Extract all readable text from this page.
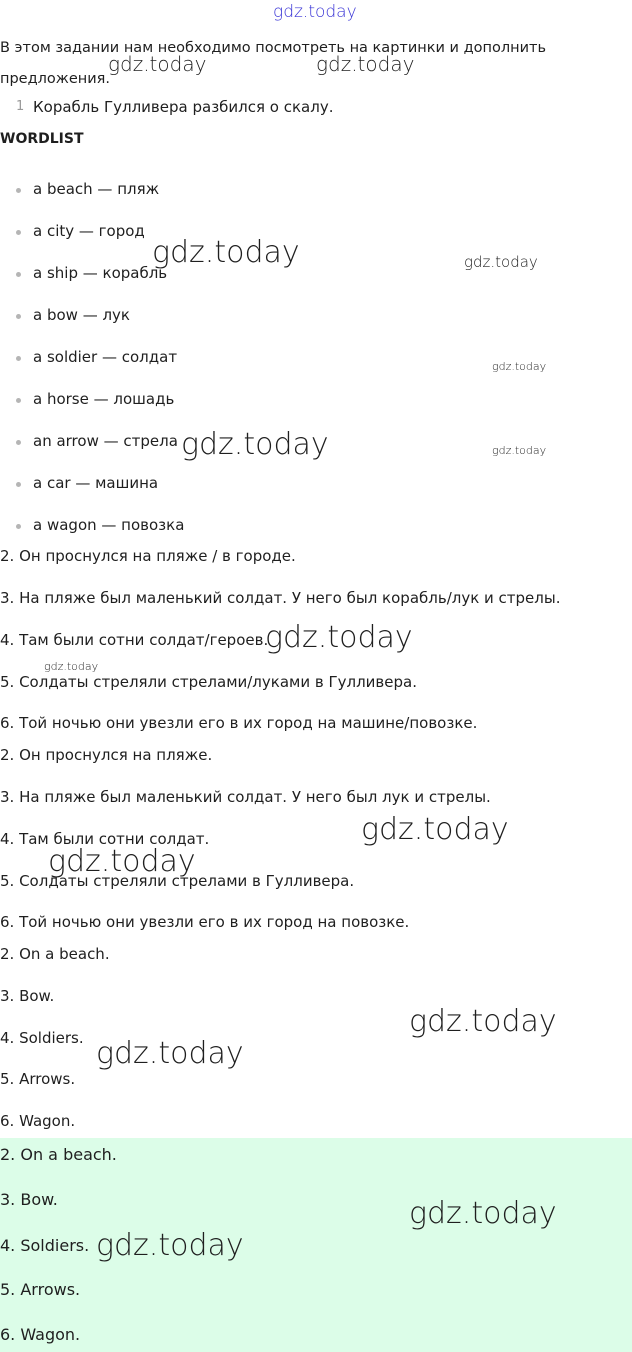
gdz.today
В этом задании нам необходимо посмотреть на картинки и дополнить предложения.
1 Корабль Гулливера разбился о скалу.
WORDLIST
a beach — пляж
a city — город
a ship — корабль
a bow — лук
a soldier — солдат
a horse — лошадь
an arrow — стрела
a car — машина
a wagon — повозка
2. Он проснулся на пляже / в городе.
3. На пляже был маленький солдат. У него был корабль/лук и стрелы.
4. Там были сотни солдат/героев.
5. Солдаты стреляли стрелами/луками в Гулливера.
6. Той ночью они увезли его в их город на машине/повозке.
2. Он проснулся на пляже.
3. На пляже был маленький солдат. У него был лук и стрелы.
4. Там были сотни солдат.
5. Солдаты стреляли стрелами в Гулливера.
6. Той ночью они увезли его в их город на повозке.
2. On a beach.
3. Bow.
4. Soldiers.
5. Arrows.
6. Wagon.
2. On a beach.
3. Bow.
4. Soldiers.
5. Arrows.
6. Wagon.
gdz.today	gdz.today
gdz.today	gdz.today
gdz.today
gdz.today	gdz.today
gdz.today
gdz.today
gdz.today
gdz.today
gdz.today
gdz.today
gdz.today
gdz.today
